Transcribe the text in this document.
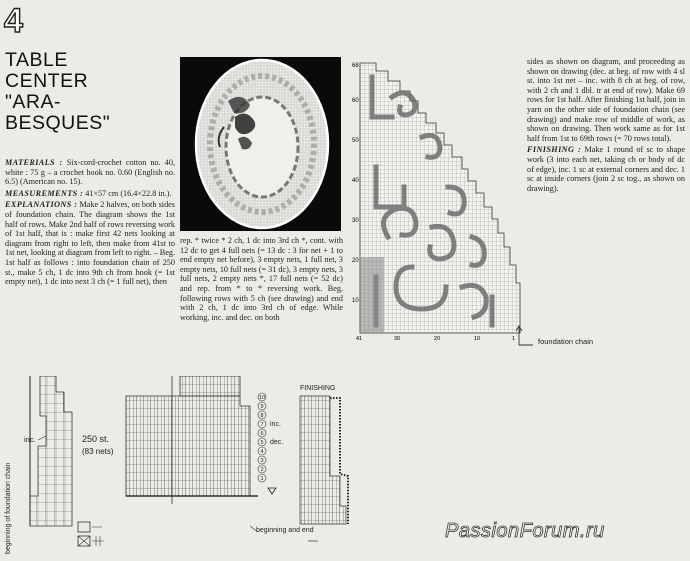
4
TABLE
CENTER
"ARA-
BESQUES"

MATERIALS : Six-cord-crochet cotton no. 40, white : 75 g – a crochet hook no. 0.60 (English no. 6.5) (American no. 15).

MEASUREMENTS : 41×57 cm (16.4×22.8 in.).

EXPLANATIONS : Make 2 halves, on both sides of foundation chain. The diagram shows the 1st half of rows. Make 2nd half of rows reversing work of 1st half, that is : make first 42 nets looking at diagram from right to left, then make from 41st to 1st net, looking at diagram from left to right. – Beg. 1st half as follows : into foundation chain of 250 st., make 5 ch, 1 dc into 9th ch from hook (= 1st empty net), 1 dc into next 3 ch (= 1 full net), then

rep. * twice * 2 ch, 1 dc into 3rd ch *, cont. with 12 dc to get 4 full nets (= 13 dc : 3 for net + 1 to end empty net before), 3 empty nets, 1 full net, 3 empty nets, 10 full nets (= 31 dc), 3 empty nets, 3 full nets, 2 empty nets *, 17 full nets (= 52 dc) and rep. from * to * reversing work. Beg. following rows with 5 ch (see drawing) and end with 2 ch, 1 dc into 3rd ch of edge. While working, inc. and dec. on both
68
60
50
40
30
20
10
41	30	20	10	1	foundation chain

sides as shown on diagram, and proceeding as shown on drawing (dec. at beg. of row with 4 sl st. into 1st net – inc. with 8 ch at beg. of row, with 2 ch and 1 dbl. tr at end of row). Make 69 rows for 1st half. After finishing 1st half, join in yarn on the other side of foundation chain (see drawing) and make row of middle of work, as shown on drawing. Then work same as for 1st half from 1st to 69th rows (= 70 rows total).

FINISHING : Make 1 round of sc to shape work (3 into each net, taking ch or body of dc of edge), inc. 1 sc at external corners and dec. 1 sc at inside corners (join 2 sc tog., as shown on drawing).

beginning of foundation chain
inc.	250 st.
(83 nets)
10
9
8
7
6
5
4
3
2
1
inc.
dec.
FINISHING
beginning and end	PassionForum.ru
